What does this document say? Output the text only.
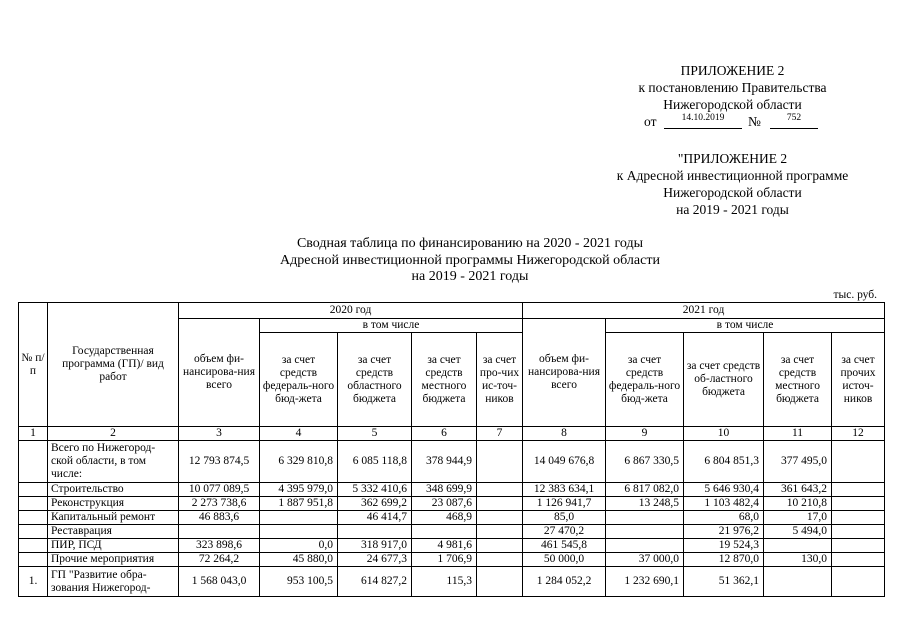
ПРИЛОЖЕНИЕ 2
к постановлению Правительства
Нижегородской области
от	14.10.2019	№	752
"ПРИЛОЖЕНИЕ 2
к Адресной инвестиционной программе
Нижегородской области
на 2019 - 2021 годы
Сводная таблица по финансированию на 2020 - 2021 годы
Адресной инвестиционной программы Нижегородской области
на 2019 - 2021 годы
тыс. руб.
№ п/п	Государственная программа (ГП)/ вид работ	2020 год					2021 год				
		объем фи-нансирова-ния всего	в том числе				объем фи-нансирова-ния всего	в том числе			
			за счет средств федераль-ного бюд-жета	за счет средств областного бюджета	за счет средств местного бюджета	за счет про-чих ис-точ-ников		за счет средств федераль-ного бюд-жета	за счет средств об-ластного бюджета	за счет средств местного бюджета	за счет прочих источ-ников
1	2	3	4	5	6	7	8	9	10	11	12
	Всего по Нижегород-ской области, в том числе:	12 793 874,5	6 329 810,8	6 085 118,8	378 944,9		14 049 676,8	6 867 330,5	6 804 851,3	377 495,0	
	Строительство	10 077 089,5	4 395 979,0	5 332 410,6	348 699,9		12 383 634,1	6 817 082,0	5 646 930,4	361 643,2	
	Реконструкция	2 273 738,6	1 887 951,8	362 699,2	23 087,6		1 126 941,7	13 248,5	1 103 482,4	10 210,8	
	Капитальный ремонт	46 883,6		46 414,7	468,9		85,0		68,0	17,0	
	Реставрация						27 470,2		21 976,2	5 494,0	
	ПИР, ПСД	323 898,6	0,0	318 917,0	4 981,6		461 545,8		19 524,3		
	Прочие мероприятия	72 264,2	45 880,0	24 677,3	1 706,9		50 000,0	37 000,0	12 870,0	130,0	
1.	ГП "Развитие обра-зования Нижегород-	1 568 043,0	953 100,5	614 827,2	115,3		1 284 052,2	1 232 690,1	51 362,1		
